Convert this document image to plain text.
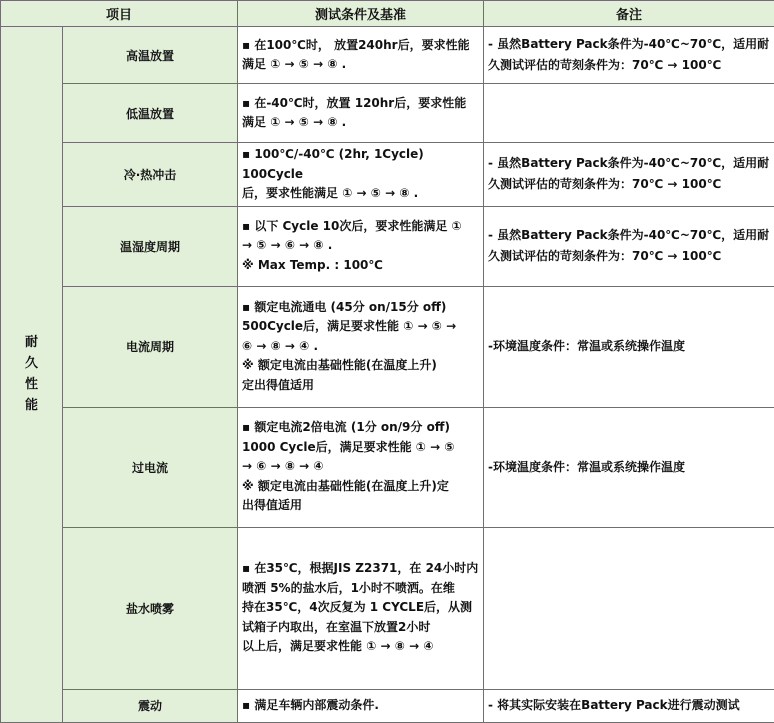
项目		测试条件及基准	备注
耐久性能	高温放置	▪ 在100℃时， 放置240hr后，要求性能
满足 ① → ⑤ → ⑧ .	- 虽然Battery Pack条件为-40℃~70℃，适用耐
久测试评估的苛刻条件为：70℃ → 100℃
	低温放置	▪ 在-40℃时，放置 120hr后，要求性能
满足 ① → ⑤ → ⑧ .	
	冷·热冲击	▪ 100℃/-40℃ (2hr, 1Cycle) 100Cycle
后，要求性能满足 ① → ⑤ → ⑧ .	- 虽然Battery Pack条件为-40℃~70℃，适用耐
久测试评估的苛刻条件为：70℃ → 100℃
	温湿度周期	▪ 以下 Cycle 10次后，要求性能满足 ①
→ ⑤ → ⑥ → ⑧ .
※ Max Temp. : 100℃	- 虽然Battery Pack条件为-40℃~70℃，适用耐
久测试评估的苛刻条件为：70℃ → 100℃
	电流周期	▪ 额定电流通电 (45分 on/15分 off)
500Cycle后，满足要求性能 ① → ⑤ →
⑥ → ⑧ → ④ .
※ 额定电流由基础性能(在温度上升)
定出得值适用	-环境温度条件：常温或系统操作温度
	过电流	▪ 额定电流2倍电流 (1分 on/9分 off)
1000 Cycle后，满足要求性能 ① → ⑤
→ ⑥ → ⑧ → ④
※ 额定电流由基础性能(在温度上升)定
出得值适用	-环境温度条件：常温或系统操作温度
	盐水喷雾	▪ 在35℃，根据JIS Z2371，在 24小时内
喷洒 5%的盐水后，1小时不喷洒。在维
持在35℃，4次反复为 1 CYCLE后，从测
试箱子内取出，在室温下放置2小时
以上后，满足要求性能 ① → ⑧ → ④	
	震动	▪ 满足车辆内部震动条件.	- 将其实际安装在Battery Pack进行震动测试
